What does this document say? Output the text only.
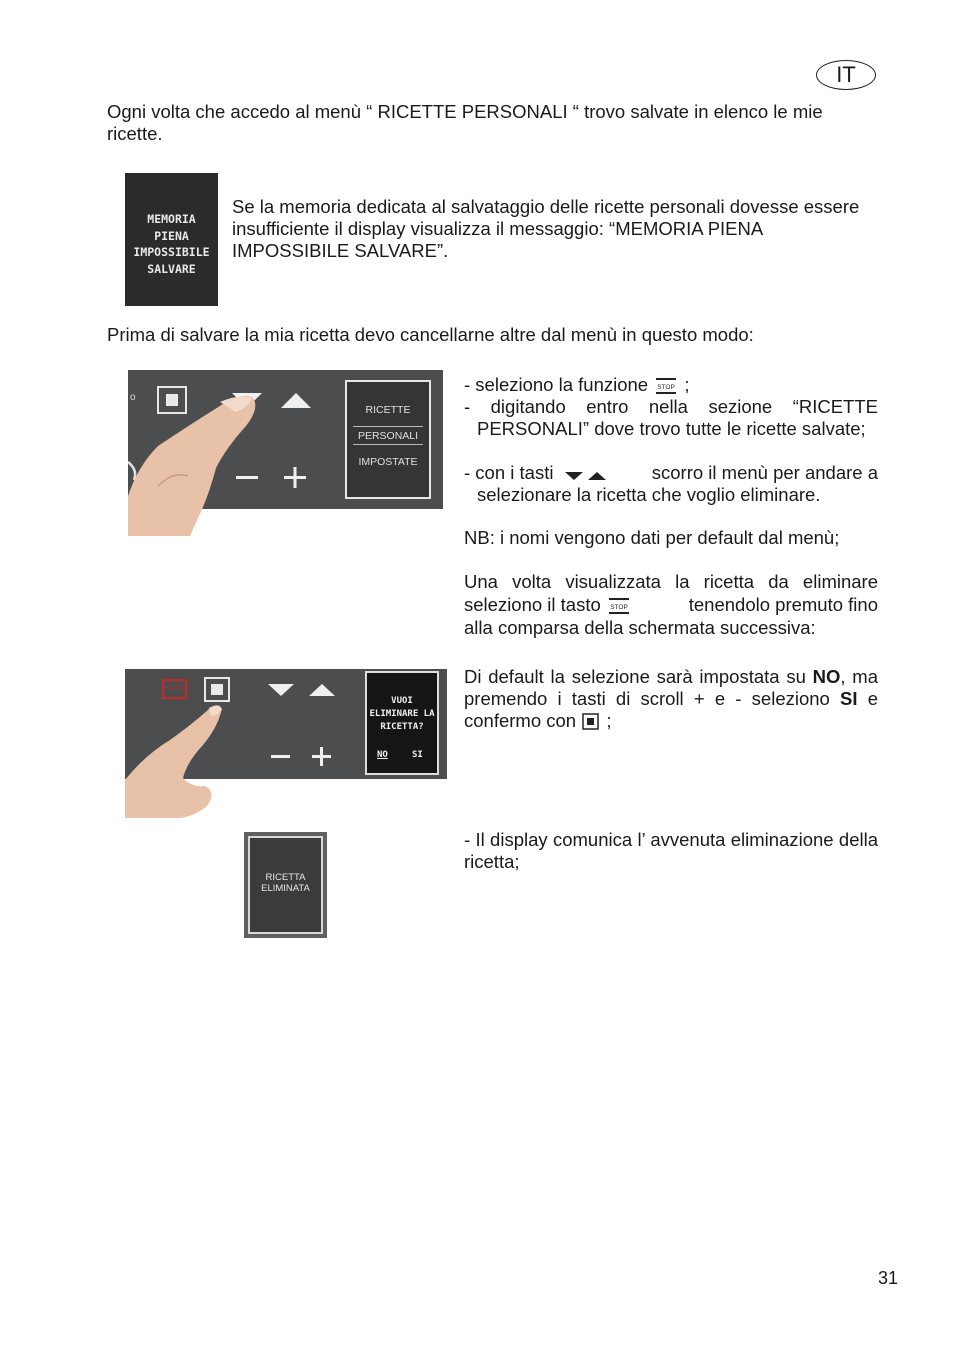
IT
Ogni volta che accedo al menù “ RICETTE PERSONALI “ trovo salvate in elenco le mie ricette.
MEMORIA
PIENA
IMPOSSIBILE
SALVARE
Se la memoria dedicata al salvataggio delle ricette personali dovesse essere insufficiente il display visualizza il messaggio: “MEMORIA PIENA IMPOSSIBILE SALVARE”.
Prima di salvare la mia ricetta devo cancellarne altre dal menù in questo modo:
o
RICETTE
PERSONALI
IMPOSTATE
- seleziono la funzione STOP ;
- digitando entro nella sezione “RICETTE
PERSONALI” dove trovo tutte le ricette salvate;
- con i tasti	scorro il menù per andare a
selezionare la ricetta che voglio eliminare.
NB: i nomi vengono dati per default dal menù;
Una volta visualizzata la ricetta da eliminare
seleziono il tasto STOP	tenendolo premuto fino
alla comparsa della schermata successiva:
AUTO
VUOI
ELIMINARE LA
RICETTA?
NO	SI
Di default la selezione sarà impostata su NO, ma premendo i tasti di scroll + e - seleziono SI e confermo con  ;
RICETTA
ELIMINATA
- Il display comunica l’ avvenuta eliminazione della ricetta;
31
